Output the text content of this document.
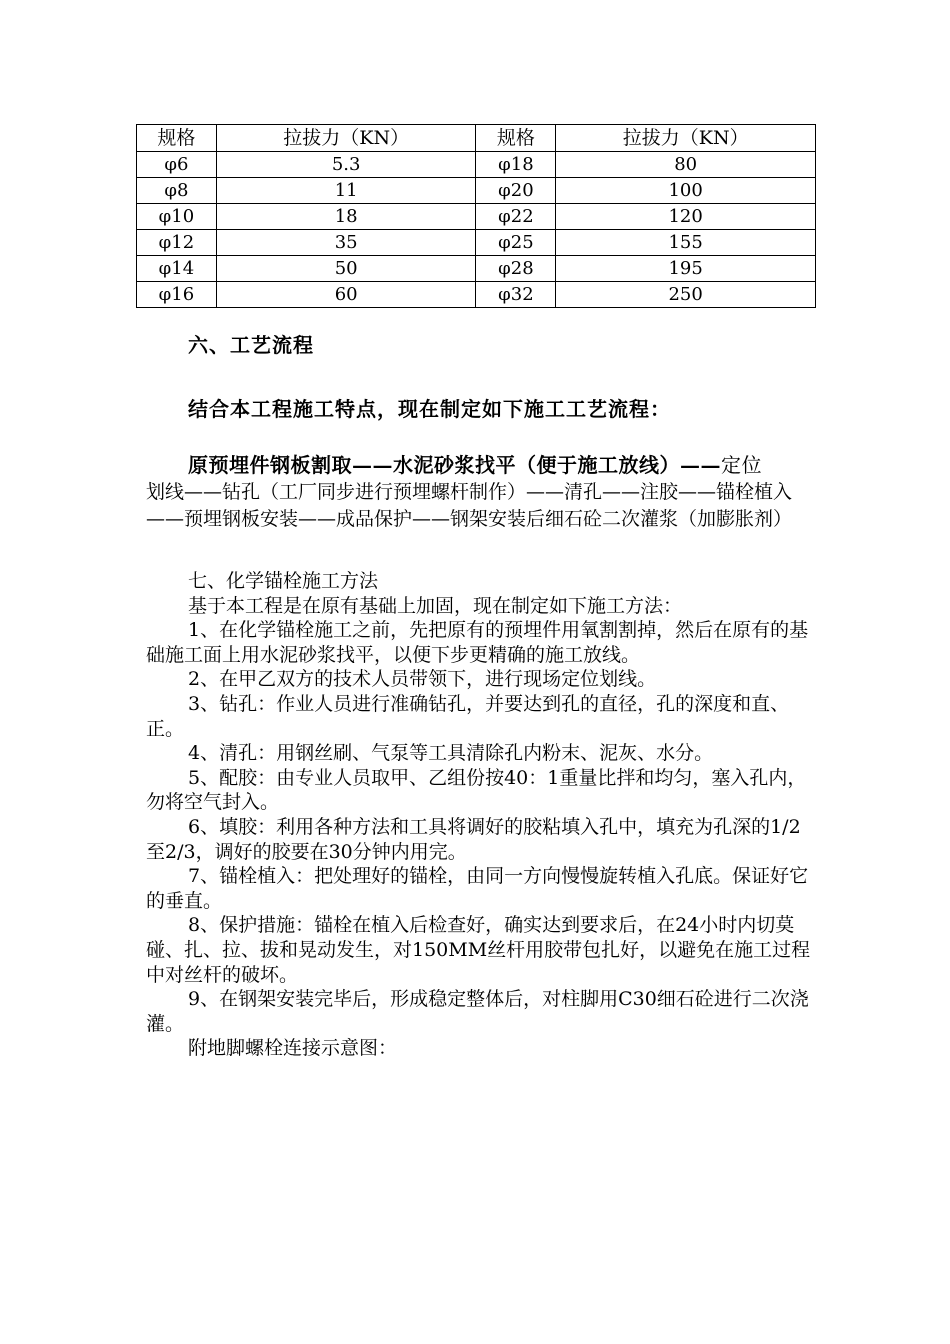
规格	拉拔力（KN）	规格	拉拔力（KN）
φ6	5.3	φ18	80
φ8	11	φ20	100
φ10	18	φ22	120
φ12	35	φ25	155
φ14	50	φ28	195
φ16	60	φ32	250
六、工艺流程
结合本工程施工特点，现在制定如下施工工艺流程：
原预埋件钢板割取——水泥砂浆找平（便于施工放线）——定位
划线——钻孔（工厂同步进行预埋螺杆制作）——清孔——注胶——锚栓植入——预埋钢板安装——成品保护——钢架安装后细石砼二次灌浆（加膨胀剂）

七、化学锚栓施工方法

基于本工程是在原有基础上加固，现在制定如下施工方法：

1、在化学锚栓施工之前，先把原有的预埋件用氧割割掉，然后在原有的基础施工面上用水泥砂浆找平，以便下步更精确的施工放线。

2、在甲乙双方的技术人员带领下，进行现场定位划线。

3、钻孔：作业人员进行准确钻孔，并要达到孔的直径，孔的深度和直、正。

4、清孔：用钢丝刷、气泵等工具清除孔内粉末、泥灰、水分。

5、配胶：由专业人员取甲、乙组份按40：1重量比拌和均匀，塞入孔内，勿将空气封入。

6、填胶：利用各种方法和工具将调好的胶粘填入孔中，填充为孔深的1/2至2/3，调好的胶要在30分钟内用完。

7、锚栓植入：把处理好的锚栓，由同一方向慢慢旋转植入孔底。保证好它的垂直。

8、保护措施：锚栓在植入后检查好，确实达到要求后，在24小时内切莫碰、扎、拉、拔和晃动发生，对150MM丝杆用胶带包扎好，以避免在施工过程中对丝杆的破坏。

9、在钢架安装完毕后，形成稳定整体后，对柱脚用C30细石砼进行二次浇灌。

附地脚螺栓连接示意图：
